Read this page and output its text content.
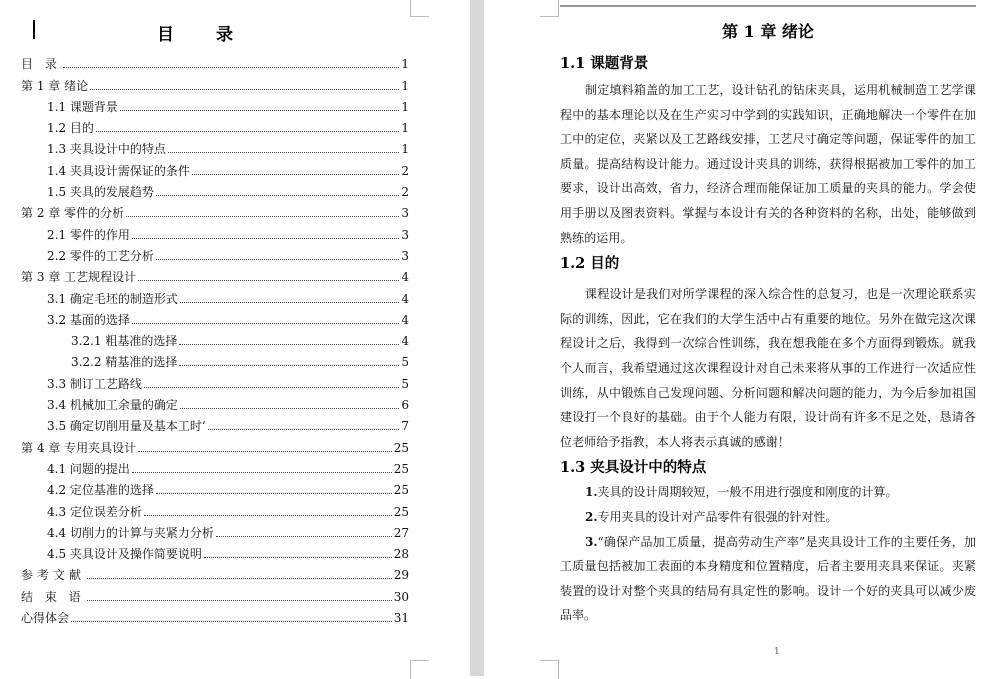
目 录
目 录	1
第 1 章 绪论	1
1.1 课题背景	1
1.2 目的	1
1.3 夹具设计中的特点	1
1.4 夹具设计需保证的条件	2
1.5 夹具的发展趋势	2
第 2 章 零件的分析	3
2.1 零件的作用	3
2.2 零件的工艺分析	3
第 3 章 工艺规程设计	4
3.1 确定毛坯的制造形式	4
3.2 基面的选择	4
3.2.1 粗基准的选择	4
3.2.2 精基准的选择	5
3.3 制订工艺路线	5
3.4 机械加工余量的确定	6
3.5 确定切削用量及基本工时‘	7
第 4 章 专用夹具设计	25
4.1 问题的提出	25
4.2 定位基准的选择	25
4.3 定位误差分析	25
4.4 切削力的计算与夹紧力分析	27
4.5 夹具设计及操作简要说明	28
参考文献	29
结 束 语	30
心得体会	31
第 1 章 绪论

1.1 课题背景

制定填料箱盖的加工工艺，设计钻孔的钻床夹具，运用机械制造工艺学课程中的基本理论以及在生产实习中学到的实践知识，正确地解决一个零件在加工中的定位，夹紧以及工艺路线安排，工艺尺寸确定等问题，保证零件的加工质量。提高结构设计能力。通过设计夹具的训练，获得根据被加工零件的加工要求，设计出高效，省力，经济合理而能保证加工质量的夹具的能力。学会使用手册以及图表资料。掌握与本设计有关的各种资料的名称，出处，能够做到熟练的运用。

1.2 目的

课程设计是我们对所学课程的深入综合性的总复习，也是一次理论联系实际的训练，因此，它在我们的大学生活中占有重要的地位。另外在做完这次课程设计之后，我得到一次综合性训练，我在想我能在多个方面得到锻炼。就我个人而言，我希望通过这次课程设计对自己未来将从事的工作进行一次适应性训练，从中锻炼自己发现问题、分析问题和解决问题的能力，为今后参加祖国建设打一个良好的基础。由于个人能力有限，设计尚有许多不足之处，恳请各位老师给予指教，本人将表示真诚的感谢！

1.3 夹具设计中的特点

1.夹具的设计周期较短，一般不用进行强度和刚度的计算。

2.专用夹具的设计对产品零件有很强的针对性。

3.“确保产品加工质量，提高劳动生产率”是夹具设计工作的主要任务，加工质量包括被加工表面的本身精度和位置精度，后者主要用夹具来保证。夹紧装置的设计对整个夹具的结局有具定性的影响。设计一个好的夹具可以减少废品率。

1
